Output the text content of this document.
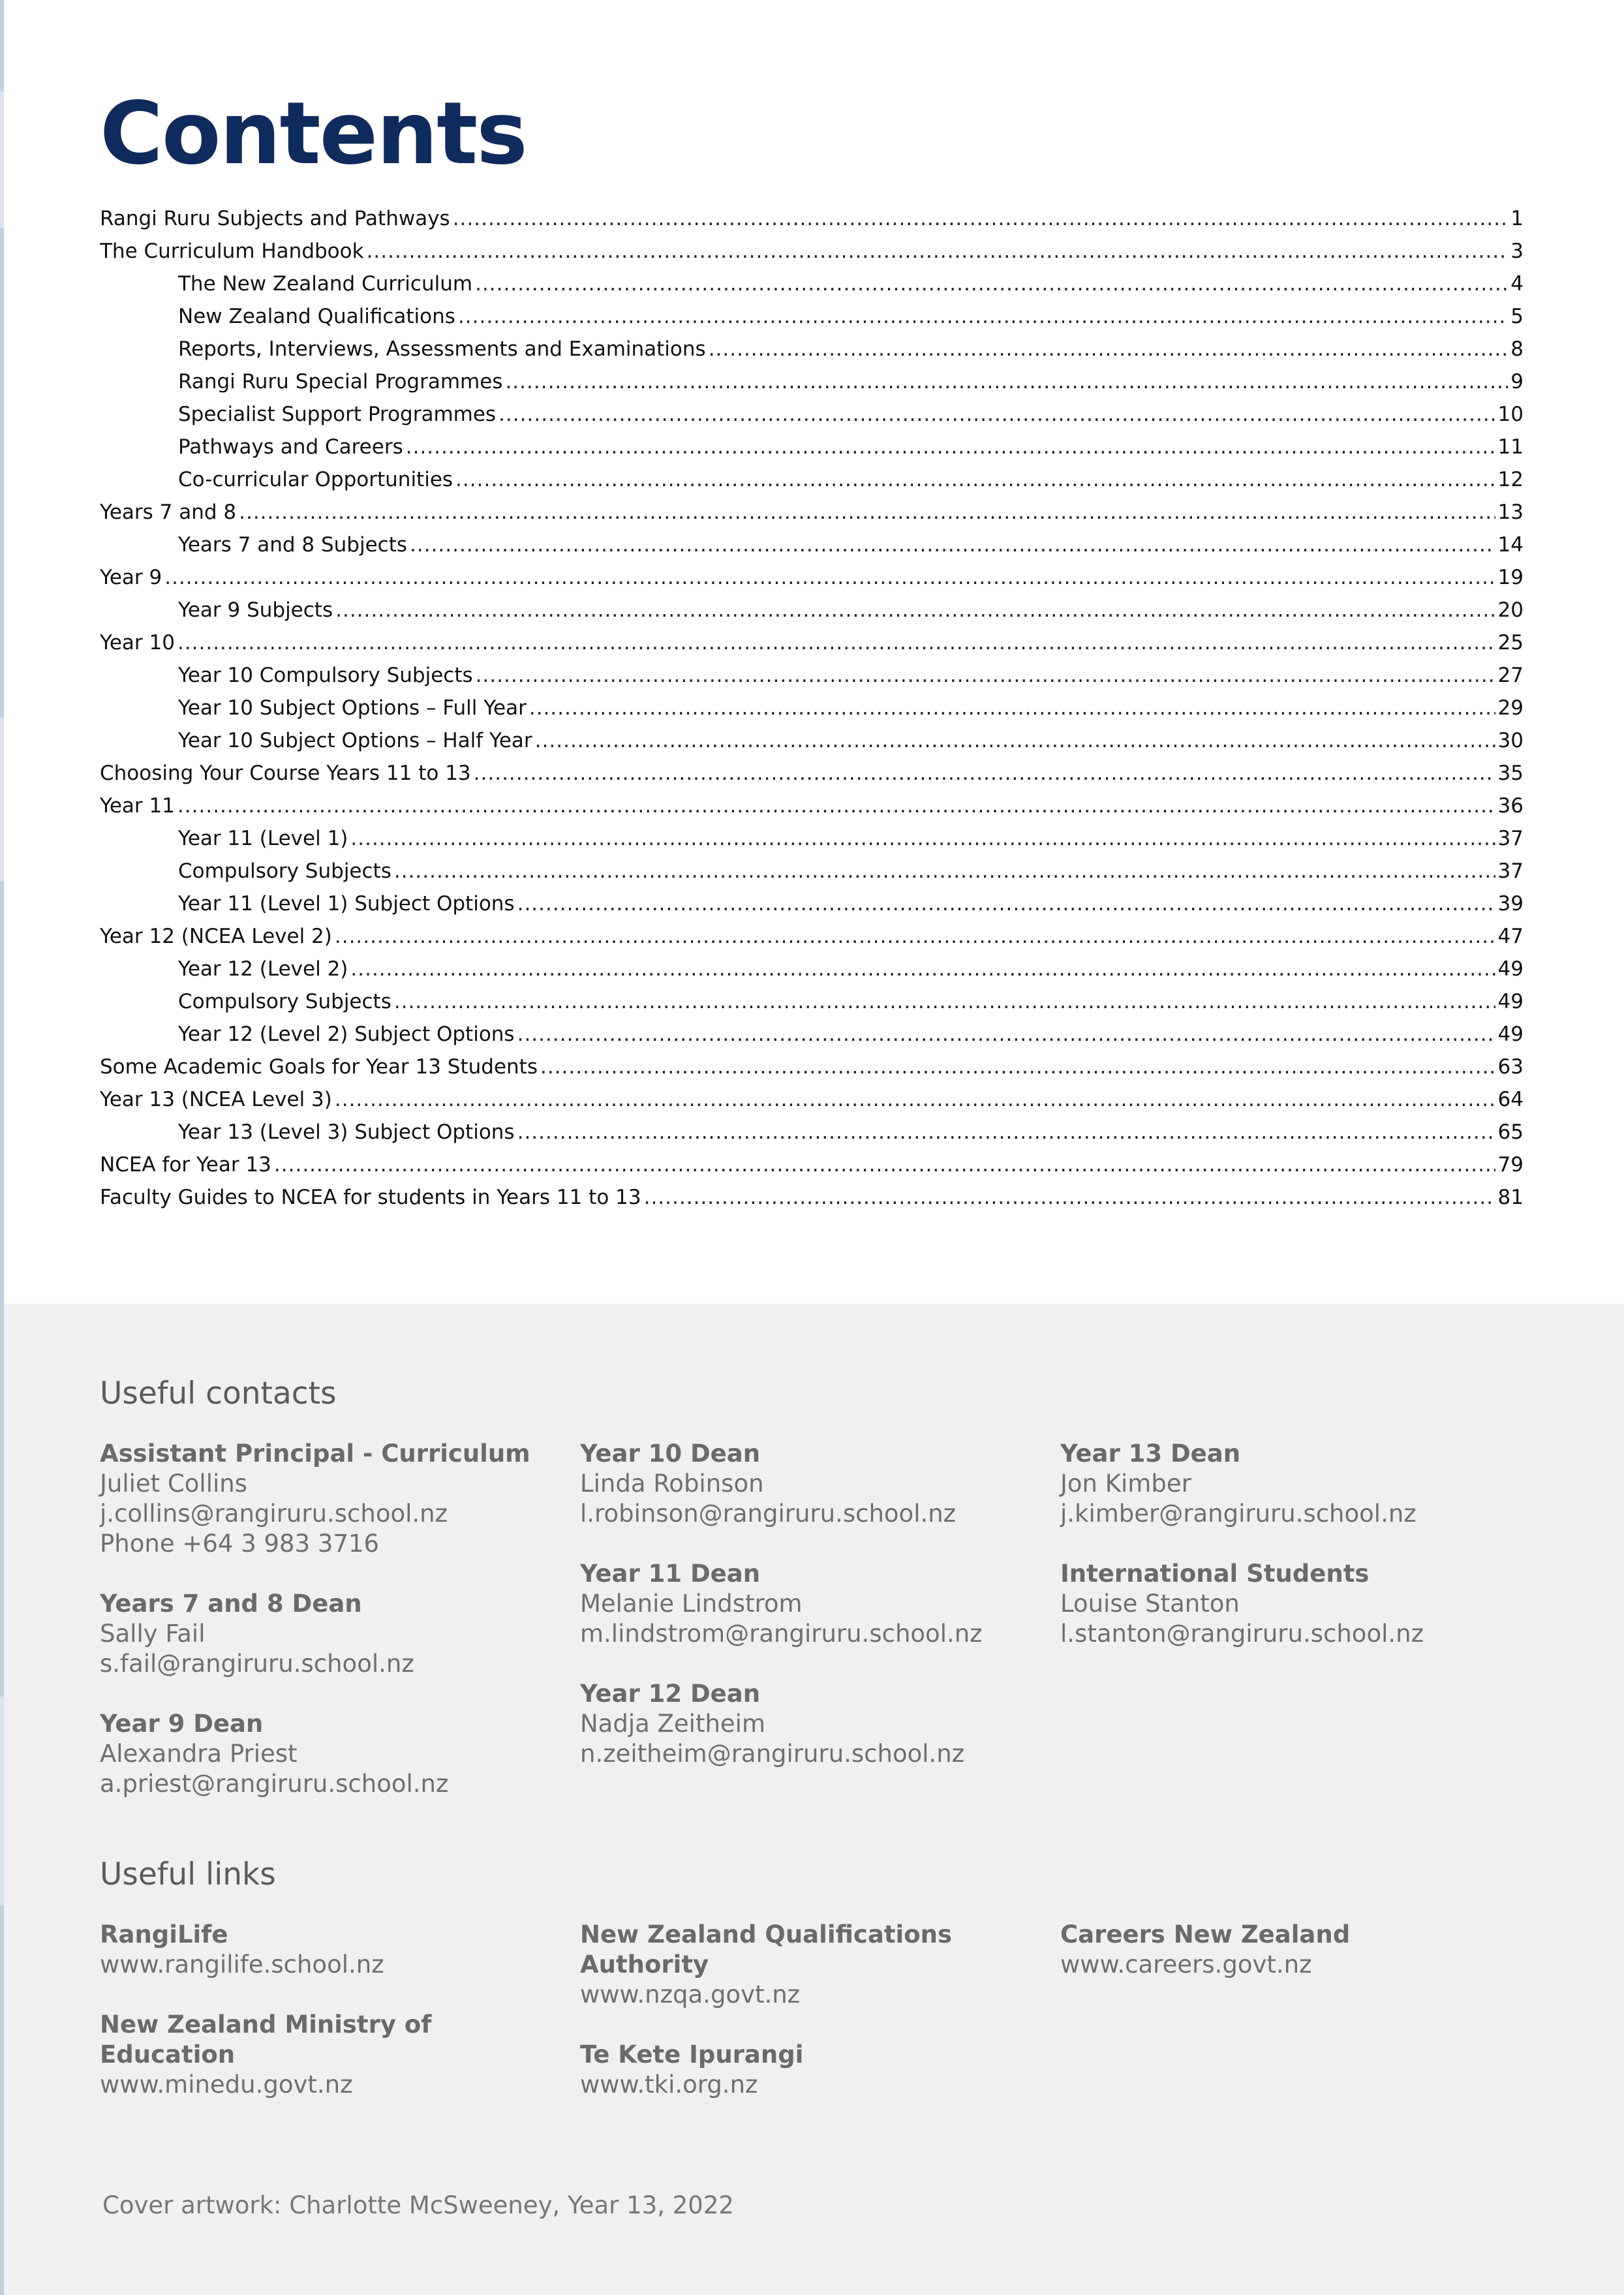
Contents
Rangi Ruru Subjects and Pathways .....	1
The Curriculum Handbook .....	3
The New Zealand Curriculum .....	4
New Zealand Qualifications .....	5
Reports, Interviews, Assessments and Examinations .....	8
Rangi Ruru Special Programmes .....	9
Specialist Support Programmes .....	10
Pathways and Careers .....	11
Co-curricular Opportunities .....	12
Years 7 and 8 .....	13
Years 7 and 8 Subjects .....	14
Year 9 .....	19
Year 9 Subjects .....	20
Year 10 .....	25
Year 10 Compulsory Subjects .....	27
Year 10 Subject Options – Full Year .....	29
Year 10 Subject Options – Half Year .....	30
Choosing Your Course Years 11 to 13 .....	35
Year 11 .....	36
Year 11 (Level 1) .....	37
Compulsory Subjects .....	37
Year 11 (Level 1) Subject Options .....	39
Year 12 (NCEA Level 2) .....	47
Year 12 (Level 2) .....	49
Compulsory Subjects .....	49
Year 12 (Level 2) Subject Options .....	49
Some Academic Goals for Year 13 Students .....	63
Year 13 (NCEA Level 3) .....	64
Year 13 (Level 3) Subject Options .....	65
NCEA for Year 13 .....	79
Faculty Guides to NCEA for students in Years 11 to 13 .....	81
Useful contacts
Assistant Principal - Curriculum
Juliet Collins
j.collins@rangiruru.school.nz
Phone +64 3 983 3716
Years 7 and 8 Dean
Sally Fail
s.fail@rangiruru.school.nz
Year 9 Dean
Alexandra Priest
a.priest@rangiruru.school.nz
Year 10 Dean
Linda Robinson
l.robinson@rangiruru.school.nz
Year 11 Dean
Melanie Lindstrom
m.lindstrom@rangiruru.school.nz
Year 12 Dean
Nadja Zeitheim
n.zeitheim@rangiruru.school.nz
Year 13 Dean
Jon Kimber
j.kimber@rangiruru.school.nz
International Students
Louise Stanton
l.stanton@rangiruru.school.nz
Useful links
RangiLife
www.rangilife.school.nz
New Zealand Ministry of Education
www.minedu.govt.nz
New Zealand Qualifications Authority
www.nzqa.govt.nz
Te Kete Ipurangi
www.tki.org.nz
Careers New Zealand
www.careers.govt.nz
Cover artwork: Charlotte McSweeney, Year 13, 2022
